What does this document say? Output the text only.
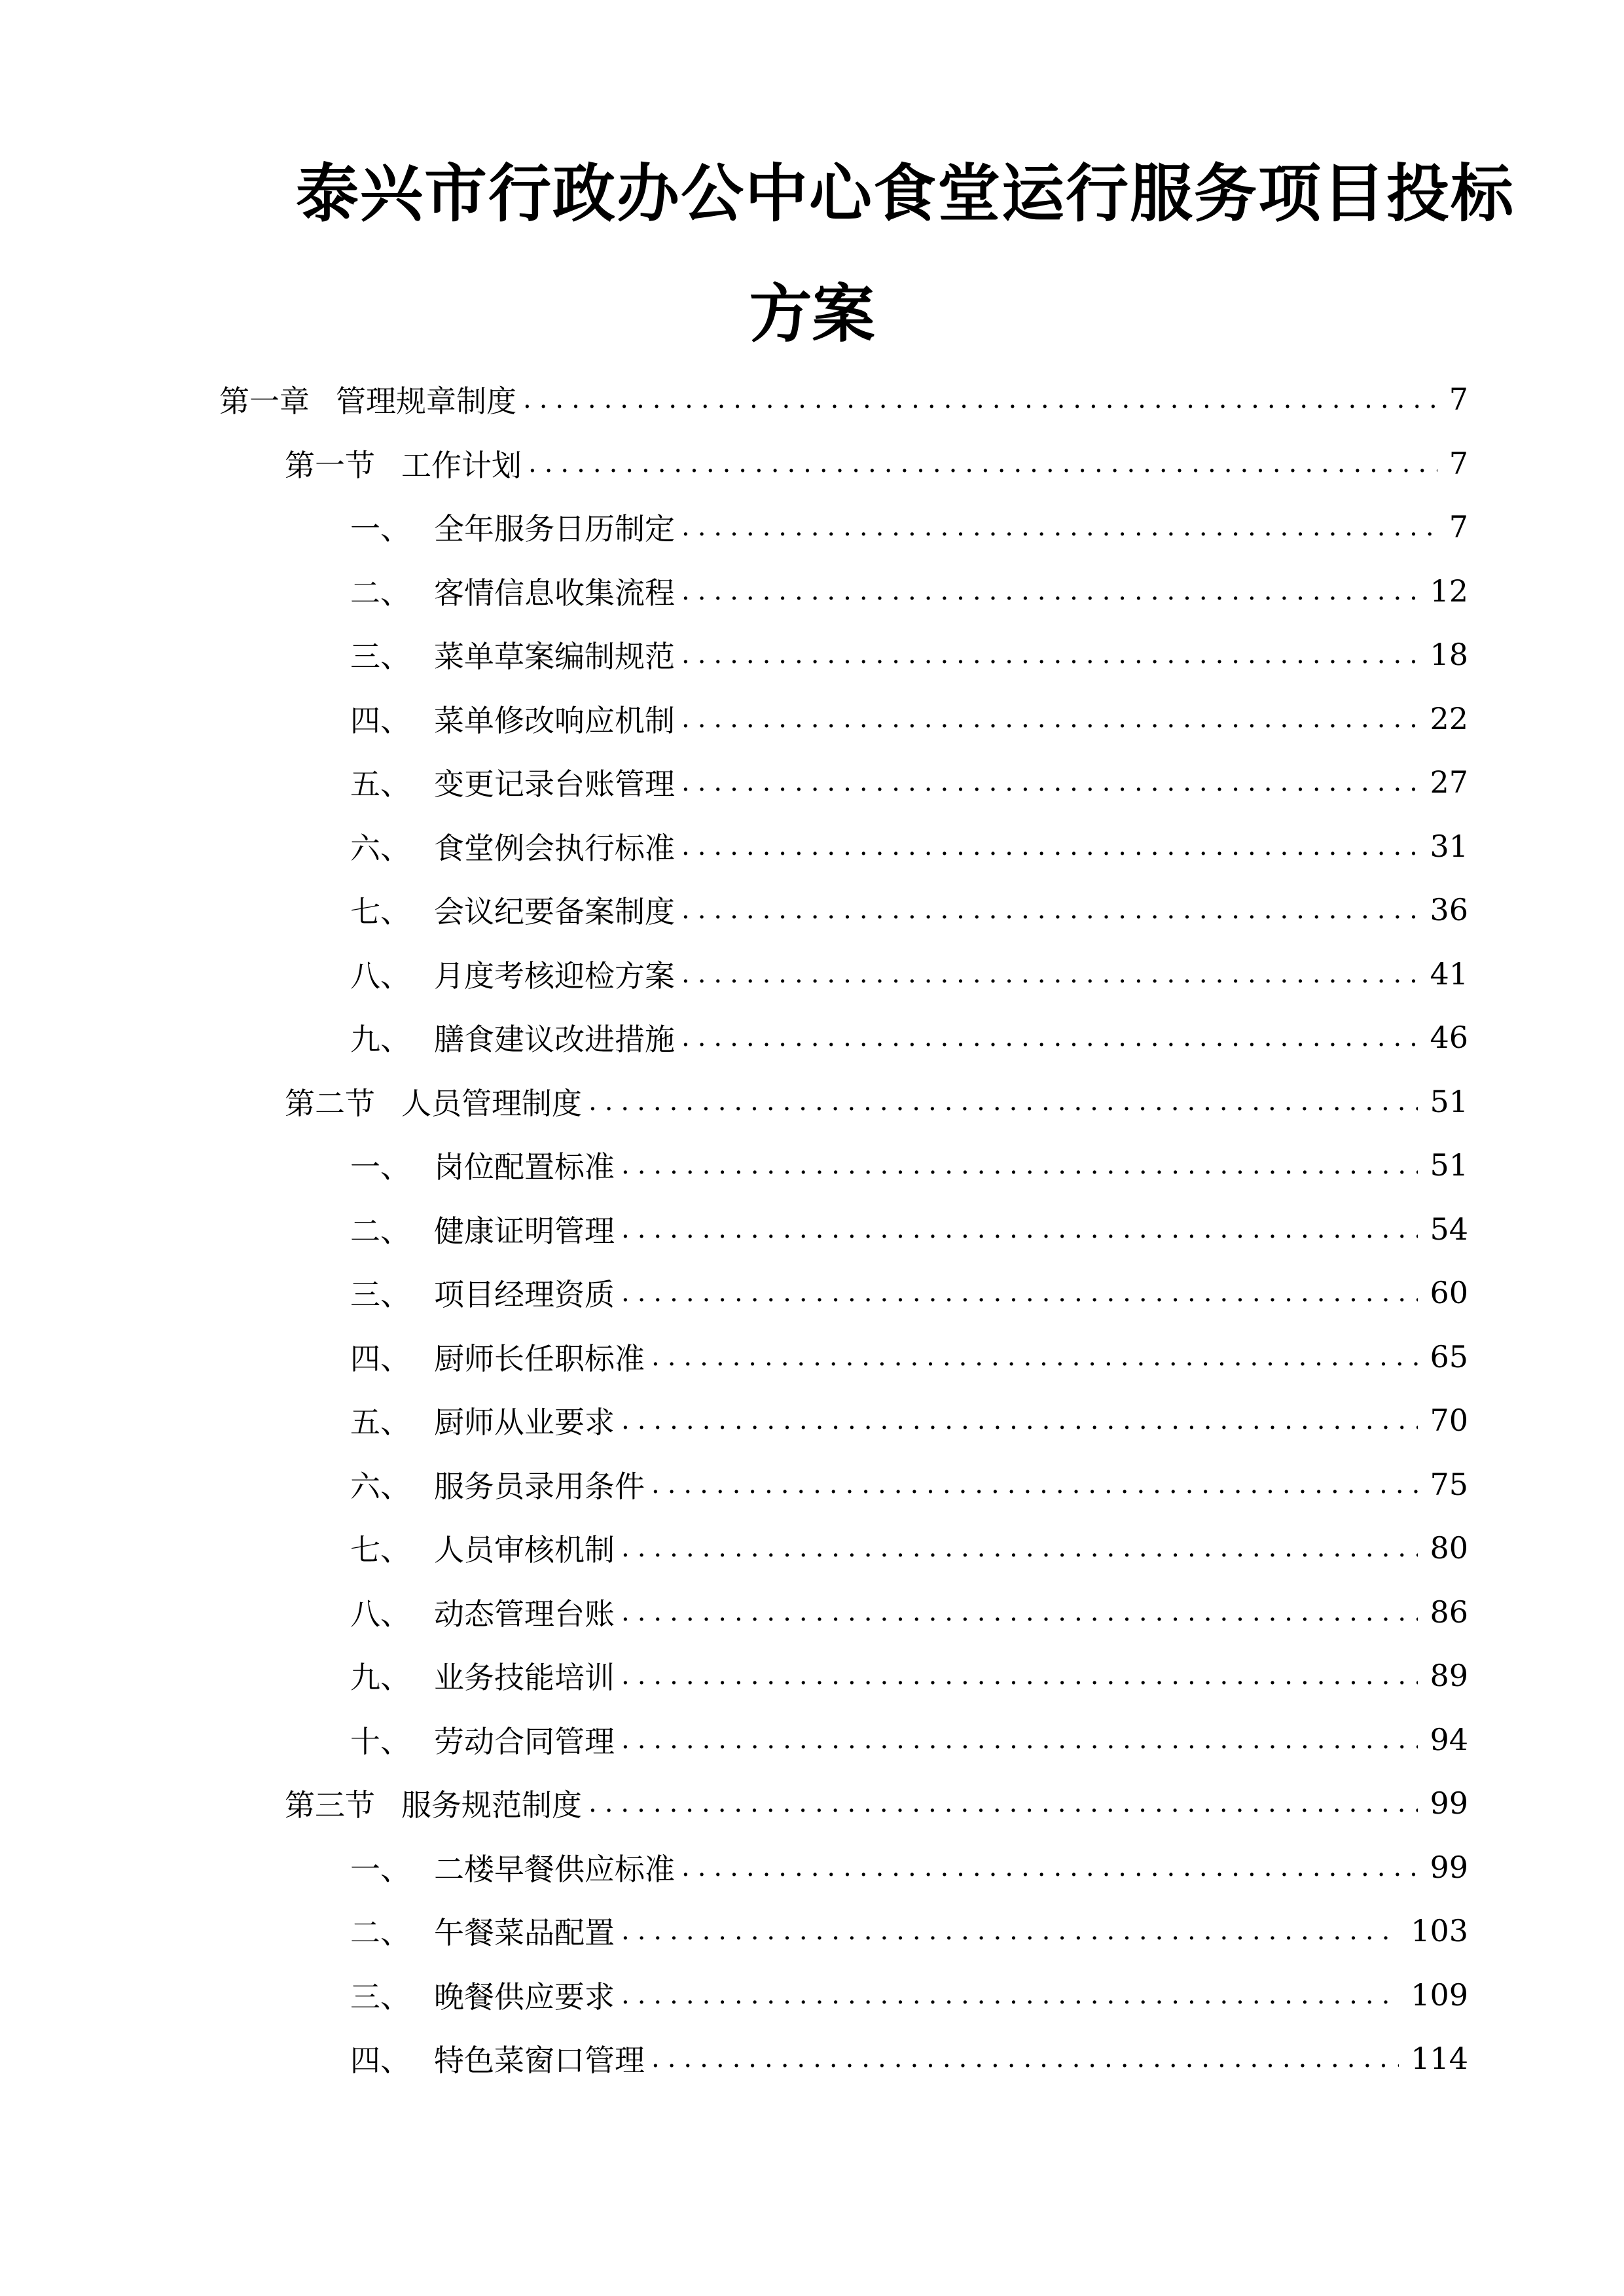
泰兴市行政办公中心食堂运行服务项目投标
方案
第一章 管理规章制度 .....	7
第一节 工作计划 .....	7
一、 全年服务日历制定 .....	7
二、 客情信息收集流程 .....	12
三、 菜单草案编制规范 .....	18
四、 菜单修改响应机制 .....	22
五、 变更记录台账管理 .....	27
六、 食堂例会执行标准 .....	31
七、 会议纪要备案制度 .....	36
八、 月度考核迎检方案 .....	41
九、 膳食建议改进措施 .....	46
第二节 人员管理制度 .....	51
一、 岗位配置标准 .....	51
二、 健康证明管理 .....	54
三、 项目经理资质 .....	60
四、 厨师长任职标准 .....	65
五、 厨师从业要求 .....	70
六、 服务员录用条件 .....	75
七、 人员审核机制 .....	80
八、 动态管理台账 .....	86
九、 业务技能培训 .....	89
十、 劳动合同管理 .....	94
第三节 服务规范制度 .....	99
一、 二楼早餐供应标准 .....	99
二、 午餐菜品配置 .....	103
三、 晚餐供应要求 .....	109
四、 特色菜窗口管理 .....	114
